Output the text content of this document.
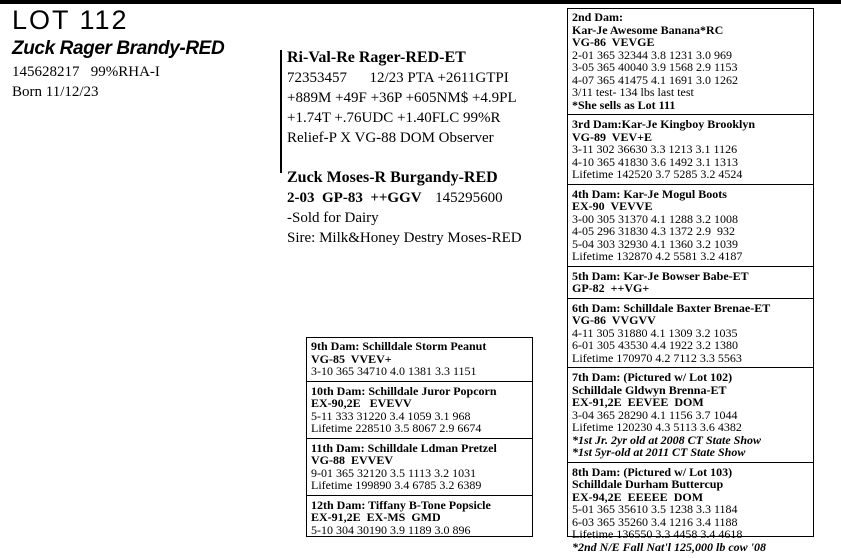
LOT 112
Zuck Rager Brandy-RED
145628217   99%RHA-I
Born 11/12/23
Ri-Val-Re Rager-RED-ET
72353457      12/23 PTA +2611GTPI
+889M +49F +36P +605NM$ +4.9PL
+1.74T +.76UDC +1.40FLC 99%R
Relief-P X VG-88 DOM Observer
Zuck Moses-R Burgandy-RED
2-03  GP-83  ++GGV 145295600
-Sold for Dairy
Sire: Milk&Honey Destry Moses-RED
2nd Dam:
Kar-Je Awesome Banana*RC
VG-86  VEVGE
2-01 365 32344 3.8 1231 3.0 969
3-05 365 40040 3.9 1568 2.9 1153
4-07 365 41475 4.1 1691 3.0 1262
3/11 test- 134 lbs last test
*She sells as Lot 111
3rd Dam:Kar-Je Kingboy Brooklyn
VG-89  VEV+E
3-11 302 36630 3.3 1213 3.1 1126
4-10 365 41830 3.6 1492 3.1 1313
Lifetime 142520 3.7 5285 3.2 4524
4th Dam: Kar-Je Mogul Boots
EX-90  VEVVE
3-00 305 31370 4.1 1288 3.2 1008
4-05 296 31830 4.3 1372 2.9  932
5-04 303 32930 4.1 1360 3.2 1039
Lifetime 132870 4.2 5581 3.2 4187
5th Dam: Kar-Je Bowser Babe-ET
GP-82  ++VG+
6th Dam: Schilldale Baxter Brenae-ET
VG-86  VVGVV
4-11 305 31880 4.1 1309 3.2 1035
6-01 305 43530 4.4 1922 3.2 1380
Lifetime 170970 4.2 7112 3.3 5563
7th Dam: (Pictured w/ Lot 102)
Schilldale Gldwyn Brenna-ET
EX-91,2E  EEVEE  DOM
3-04 365 28290 4.1 1156 3.7 1044
Lifetime 120230 4.3 5113 3.6 4382
*1st Jr. 2yr old at 2008 CT State Show
*1st 5yr-old at 2011 CT State Show
8th Dam: (Pictured w/ Lot 103)
Schilldale Durham Buttercup
EX-94,2E  EEEEE  DOM
5-01 365 35610 3.5 1238 3.3 1184
6-03 365 35260 3.4 1216 3.4 1188
Lifetime 136550 3.3 4458 3.4 4618
*2nd N/E Fall Nat'l 125,000 lb cow '08
9th Dam: Schilldale Storm Peanut
VG-85  VVEV+
3-10 365 34710 4.0 1381 3.3 1151
10th Dam: Schilldale Juror Popcorn
EX-90,2E   EVEVV
5-11 333 31220 3.4 1059 3.1 968
Lifetime 228510 3.5 8067 2.9 6674
11th Dam: Schilldale Ldman Pretzel
VG-88  EVVEV
9-01 365 32120 3.5 1113 3.2 1031
Lifetime 199890 3.4 6785 3.2 6389
12th Dam: Tiffany B-Tone Popsicle
EX-91,2E  EX-MS  GMD
5-10 304 30190 3.9 1189 3.0 896
